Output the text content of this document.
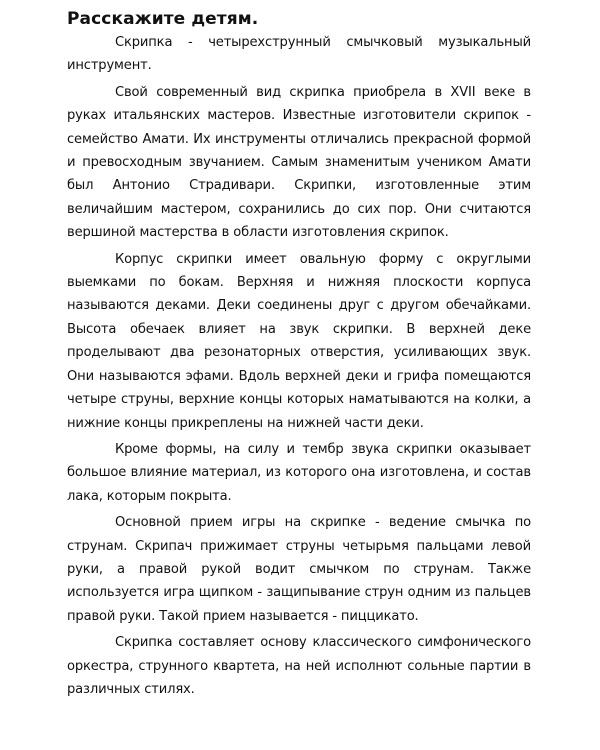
Расскажите детям.

Скрипка - четырехструнный смычковый музыкальный инструмент.

Свой современный вид скрипка приобрела в XVII веке в руках итальянских мастеров. Известные изготовители скрипок - семейство Амати. Их инструменты отличались прекрасной формой и превосходным звучанием. Самым знаменитым учеником Амати был Антонио Страдивари. Скрипки, изготовленные этим величайшим мастером, сохранились до сих пор. Они считаются вершиной мастерства в области изготовления скрипок.

Корпус скрипки имеет овальную форму с округлыми выемками по бокам. Верхняя и нижняя плоскости корпуса называются деками. Деки соединены друг с другом обечайками. Высота обечаек влияет на звук скрипки. В верхней деке проделывают два резонаторных отверстия, усиливающих звук. Они называются эфами. Вдоль верхней деки и грифа помещаются четыре струны, верхние концы которых наматываются на колки, а нижние концы прикреплены на нижней части деки.

Кроме формы, на силу и тембр звука скрипки оказывает большое влияние материал, из которого она изготовлена, и состав лака, которым покрыта.

Основной прием игры на скрипке - ведение смычка по струнам. Скрипач прижимает струны четырьмя пальцами левой руки, а правой рукой водит смычком по струнам. Также используется игра щипком - защипывание струн одним из пальцев правой руки. Такой прием называется - пиццикато.

Скрипка составляет основу классического симфонического оркестра, струнного квартета, на ней исполнют сольные партии в различных стилях.
